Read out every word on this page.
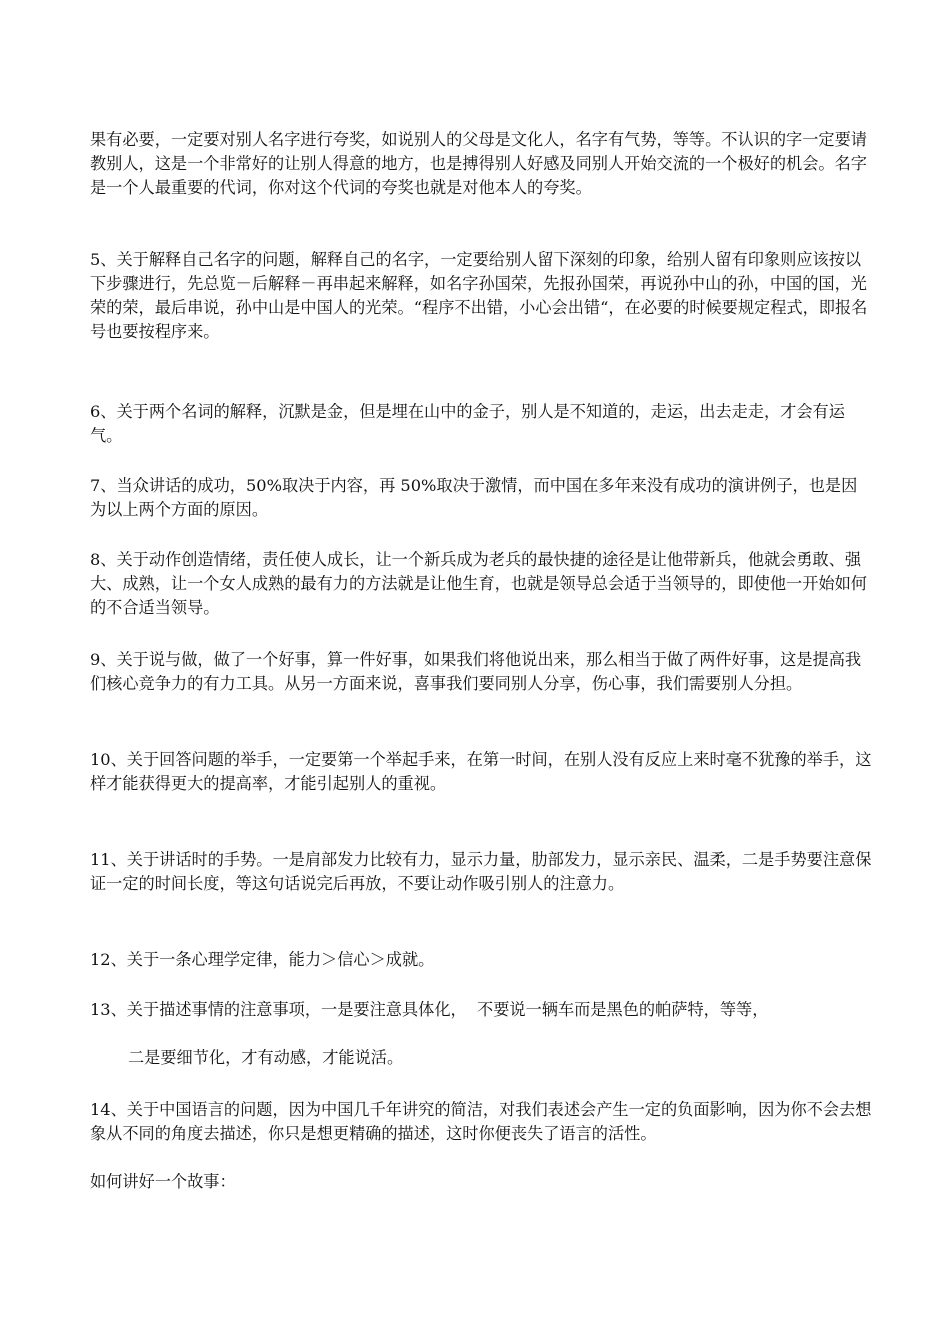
果有必要，一定要对别人名字进行夸奖，如说别人的父母是文化人，名字有气势，等等。不认识的字一定要请教别人，这是一个非常好的让别人得意的地方，也是搏得别人好感及同别人开始交流的一个极好的机会。名字是一个人最重要的代词，你对这个代词的夸奖也就是对他本人的夸奖。

5、关于解释自己名字的问题，解释自己的名字，一定要给别人留下深刻的印象，给别人留有印象则应该按以下步骤进行，先总览－后解释－再串起来解释，如名字孙国荣，先报孙国荣，再说孙中山的孙，中国的国，光荣的荣，最后串说，孙中山是中国人的光荣。“程序不出错，小心会出错“，在必要的时候要规定程式，即报名号也要按程序来。

6、关于两个名词的解释，沉默是金，但是埋在山中的金子，别人是不知道的，走运，出去走走，才会有运气。

7、当众讲话的成功，50%取决于内容，再 50%取决于激情，而中国在多年来没有成功的演讲例子，也是因为以上两个方面的原因。

8、关于动作创造情绪，责任使人成长，让一个新兵成为老兵的最快捷的途径是让他带新兵，他就会勇敢、强大、成熟，让一个女人成熟的最有力的方法就是让他生育，也就是领导总会适于当领导的，即使他一开始如何的不合适当领导。

9、关于说与做，做了一个好事，算一件好事，如果我们将他说出来，那么相当于做了两件好事，这是提高我们核心竞争力的有力工具。从另一方面来说，喜事我们要同别人分享，伤心事，我们需要别人分担。

10、关于回答问题的举手，一定要第一个举起手来，在第一时间，在别人没有反应上来时毫不犹豫的举手，这样才能获得更大的提高率，才能引起别人的重视。

11、关于讲话时的手势。一是肩部发力比较有力，显示力量，肋部发力，显示亲民、温柔，二是手势要注意保证一定的时间长度，等这句话说完后再放，不要让动作吸引别人的注意力。

12、关于一条心理学定律，能力＞信心＞成就。

13、关于描述事情的注意事项，一是要注意具体化，  不要说一辆车而是黑色的帕萨特，等等，

二是要细节化，才有动感，才能说活。

14、关于中国语言的问题，因为中国几千年讲究的简洁，对我们表述会产生一定的负面影响，因为你不会去想象从不同的角度去描述，你只是想更精确的描述，这时你便丧失了语言的活性。

如何讲好一个故事：
